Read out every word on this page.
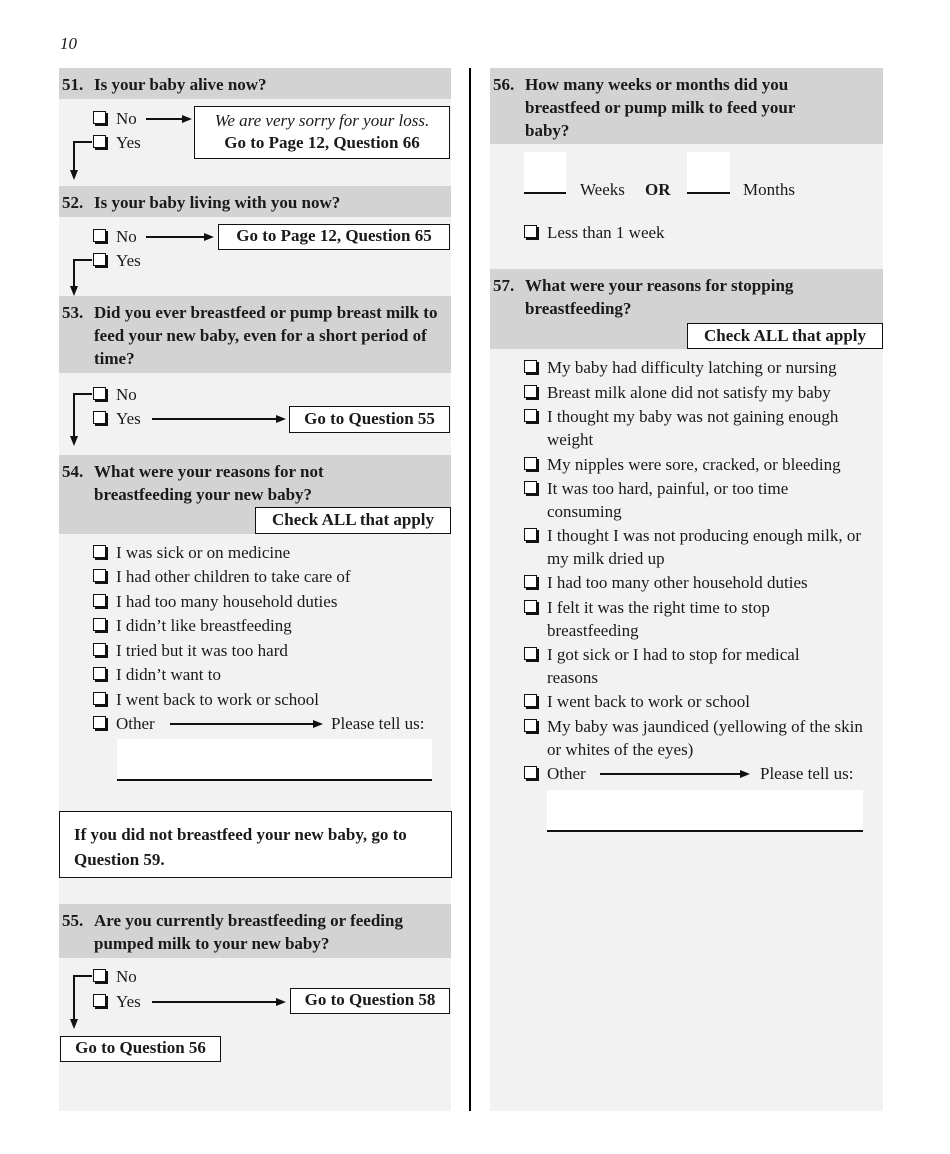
10
51. Is your baby alive now?
No
Yes
We are very sorry for your loss.
Go to Page 12, Question 66
52. Is your baby living with you now?
No
Yes
Go to Page 12, Question 65
53. Did you ever breastfeed or pump breast milk to feed your new baby, even for a short period of time?
No
Yes	Go to Question 55
54. What were your reasons for not breastfeeding your new baby?
Check ALL that apply
I was sick or on medicine
I had other children to take care of
I had too many household duties
I didn’t like breastfeeding
I tried but it was too hard
I didn’t want to
I went back to work or school
Other	Please tell us:
If you did not breastfeed your new baby, go to Question 59.
55. Are you currently breastfeeding or feeding pumped milk to your new baby?
No
Yes	Go to Question 58
Go to Question 56
56. How many weeks or months did you breastfeed or pump milk to feed your baby?
Weeks OR	Months
Less than 1 week
57. What were your reasons for stopping breastfeeding?
Check ALL that apply
My baby had difficulty latching or nursing
Breast milk alone did not satisfy my baby
I thought my baby was not gaining enough weight
My nipples were sore, cracked, or bleeding
It was too hard, painful, or too time consuming
I thought I was not producing enough milk, or my milk dried up
I had too many other household duties
I felt it was the right time to stop breastfeeding
I got sick or I had to stop for medical reasons
I went back to work or school
My baby was jaundiced (yellowing of the skin or whites of the eyes)
Other	Please tell us:
